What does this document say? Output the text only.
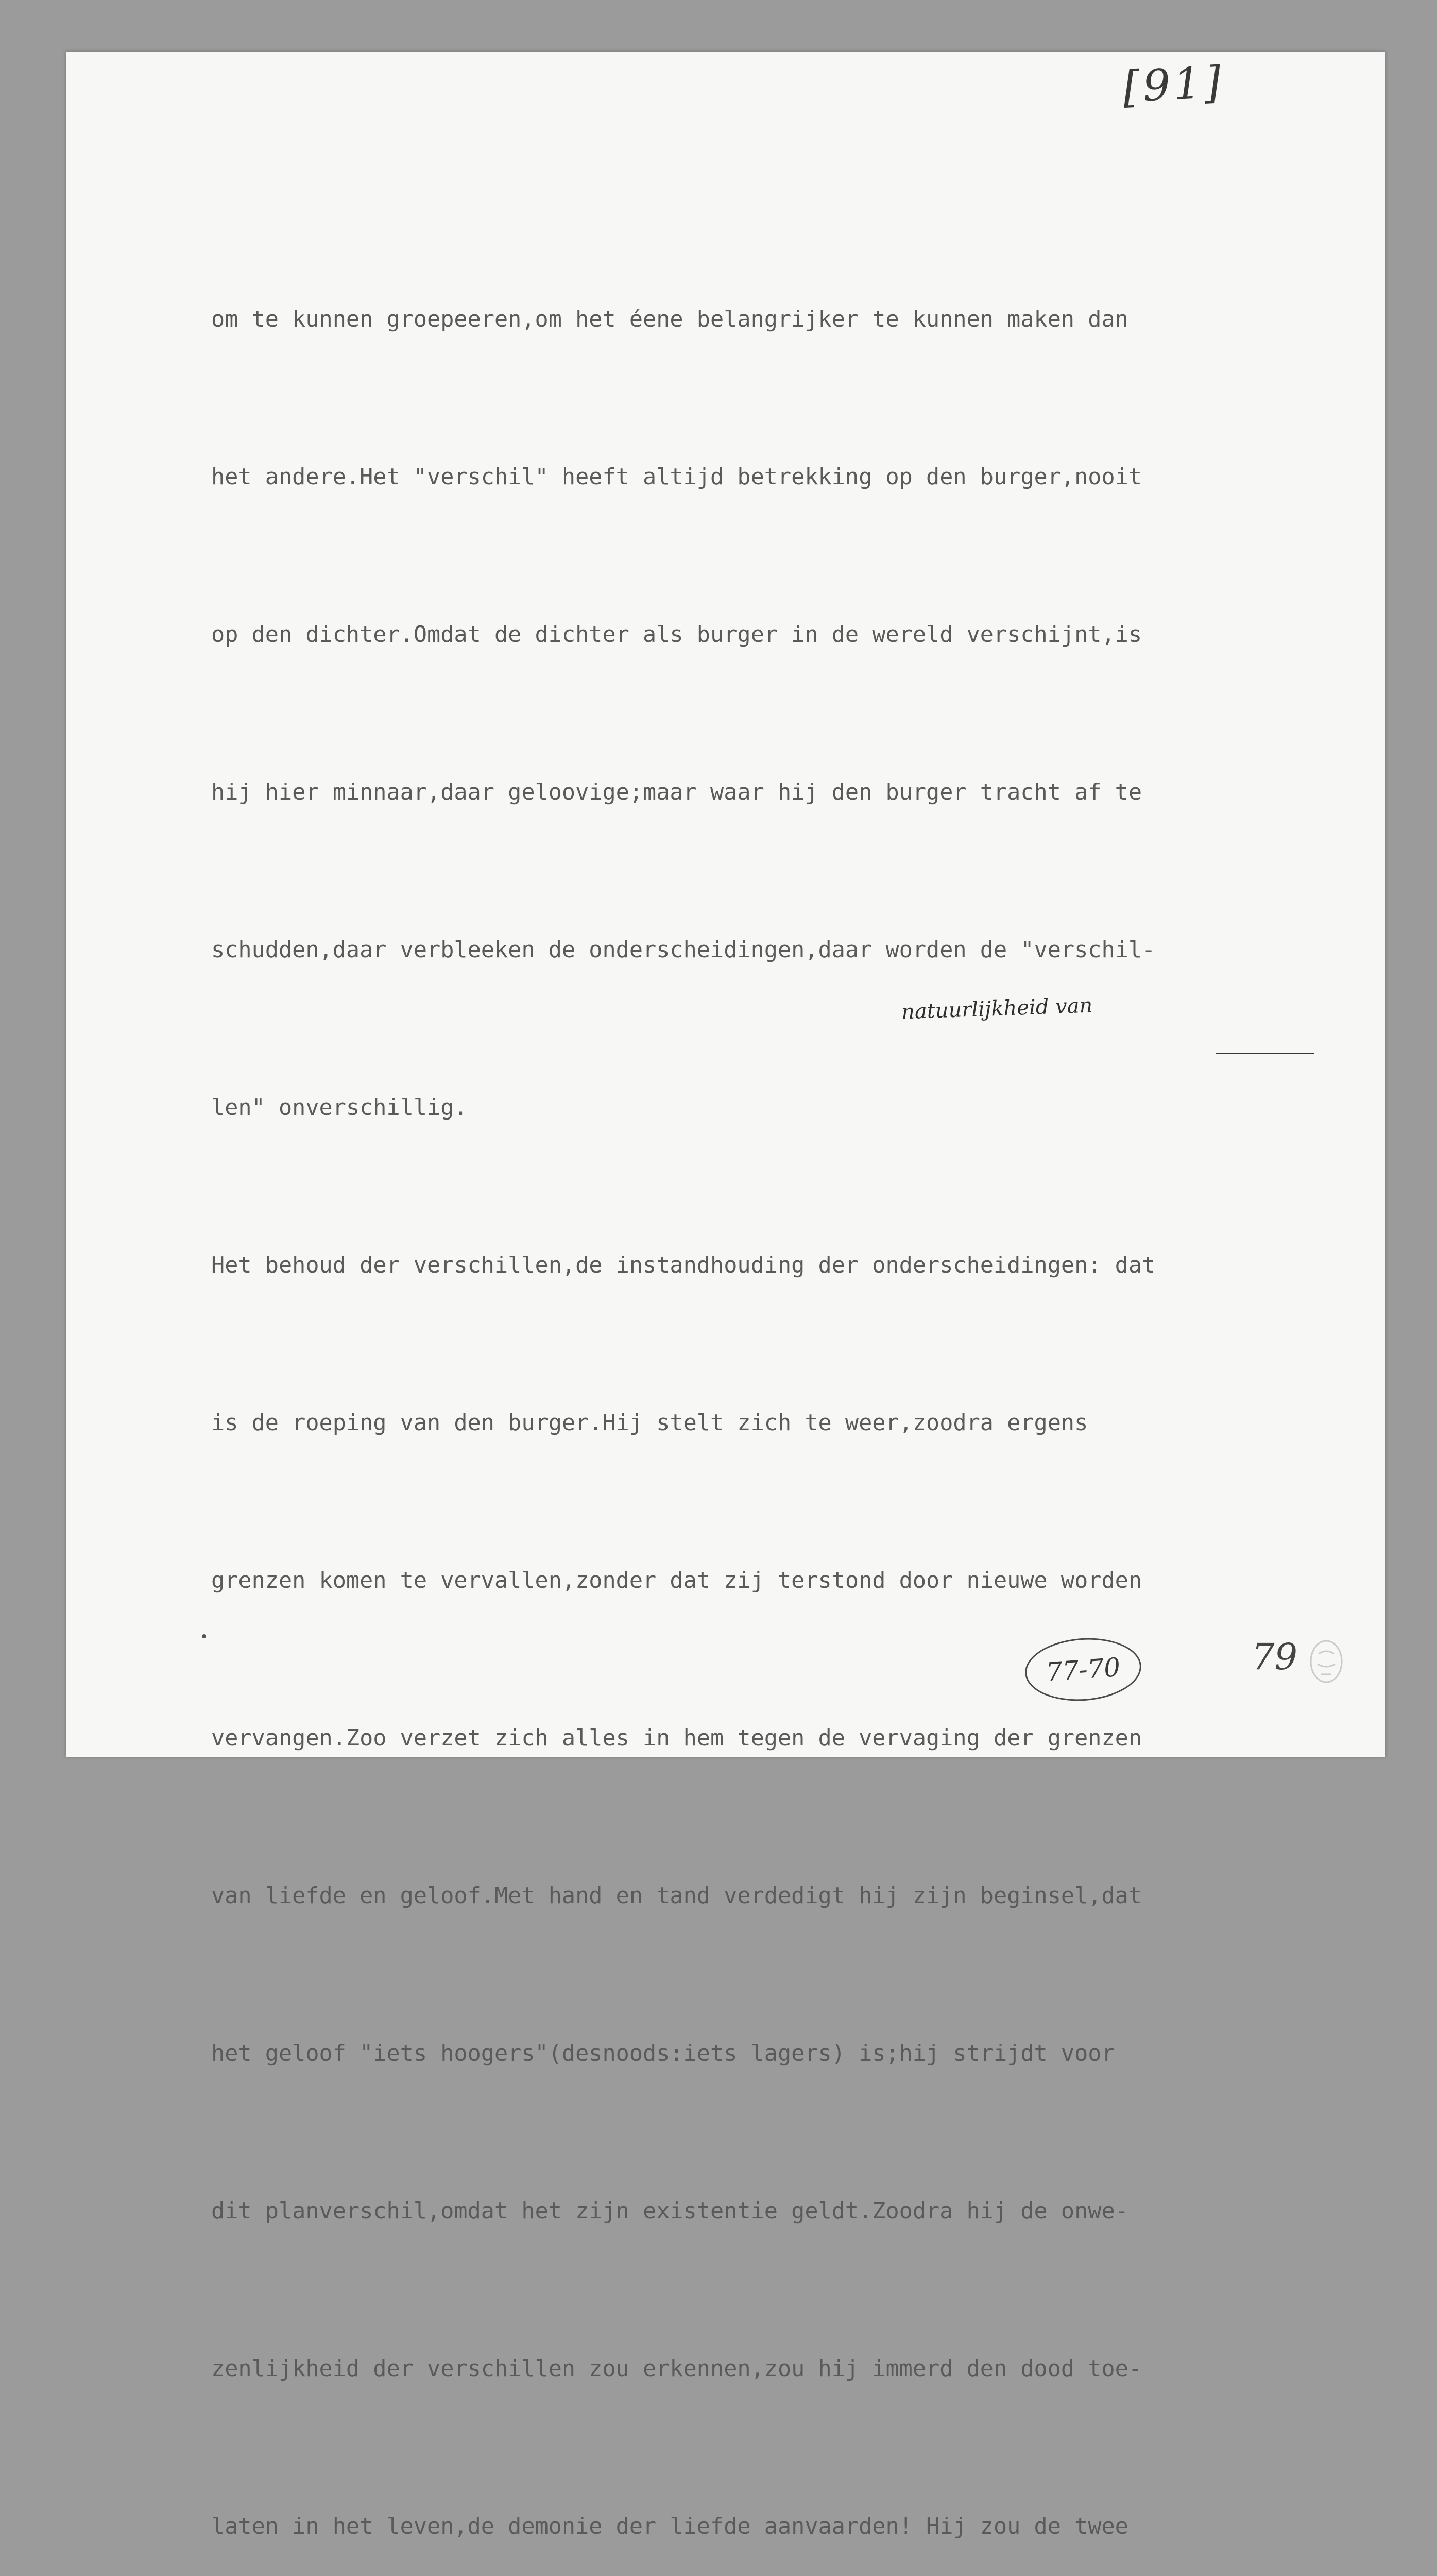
[91]

om te kunnen groepeeren,om het éene belangrijker te kunnen maken dan

het andere.Het "verschil" heeft altijd betrekking op den burger,nooit

op den dichter.Omdat de dichter als burger in de wereld verschijnt,is

hij hier minnaar,daar geloovige;maar waar hij den burger tracht af te

schudden,daar verbleeken de onderscheidingen,daar worden de "verschil-

len" onverschillig.

Het behoud der verschillen,de instandhouding der onderscheidingen: dat

is de roeping van den burger.Hij stelt zich te weer,zoodra ergens

grenzen komen te vervallen,zonder dat zij terstond door nieuwe worden

vervangen.Zoo verzet zich alles in hem tegen de vervaging der grenzen

van liefde en geloof.Met hand en tand verdedigt hij zijn beginsel,dat

het geloof "iets hoogers"(desnoods:iets lagers) is;hij strijdt voor

dit planverschil,omdat het zijn existentie geldt.Zoodra hij de onwe-

zenlijkheid der verschillen zou erkennen,zou hij immerd den dood toe-

laten in het leven,de demonie der liefde aanvaarden! Hij zou de twee

natuurlijkheid van
77-70	79
